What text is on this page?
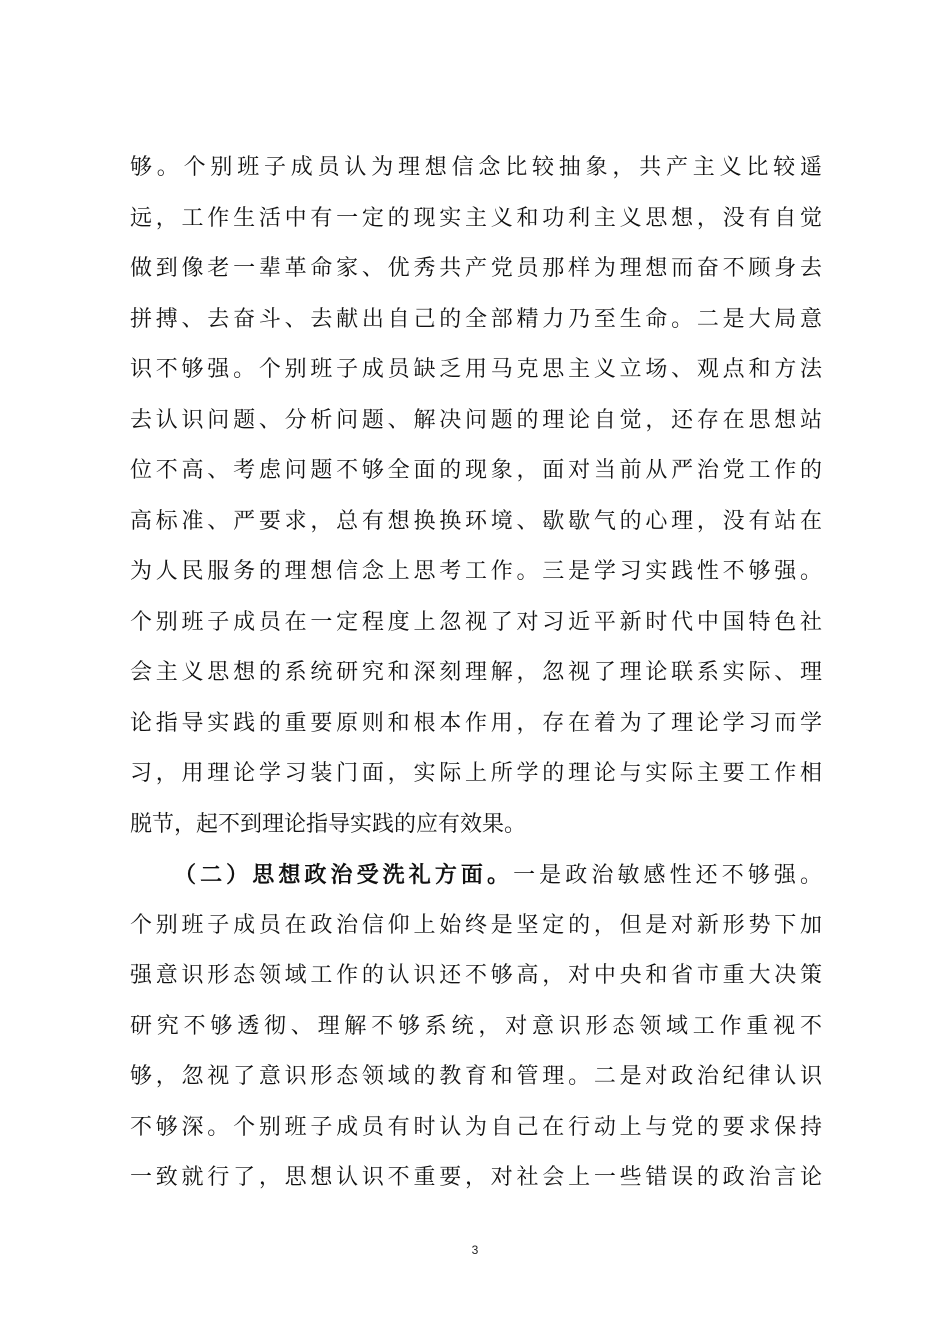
够。个别班子成员认为理想信念比较抽象，共产主义比较遥
远，工作生活中有一定的现实主义和功利主义思想，没有自觉
做到像老一辈革命家、优秀共产党员那样为理想而奋不顾身去
拼搏、去奋斗、去献出自己的全部精力乃至生命。二是大局意
识不够强。个别班子成员缺乏用马克思主义立场、观点和方法
去认识问题、分析问题、解决问题的理论自觉，还存在思想站
位不高、考虑问题不够全面的现象，面对当前从严治党工作的
高标准、严要求，总有想换换环境、歇歇气的心理，没有站在
为人民服务的理想信念上思考工作。三是学习实践性不够强。
个别班子成员在一定程度上忽视了对习近平新时代中国特色社
会主义思想的系统研究和深刻理解，忽视了理论联系实际、理
论指导实践的重要原则和根本作用，存在着为了理论学习而学
习，用理论学习装门面，实际上所学的理论与实际主要工作相
脱节，起不到理论指导实践的应有效果。
（二）思想政治受洗礼方面。一是政治敏感性还不够强。
个别班子成员在政治信仰上始终是坚定的，但是对新形势下加
强意识形态领域工作的认识还不够高，对中央和省市重大决策
研究不够透彻、理解不够系统，对意识形态领域工作重视不
够，忽视了意识形态领域的教育和管理。二是对政治纪律认识
不够深。个别班子成员有时认为自己在行动上与党的要求保持
一致就行了，思想认识不重要，对社会上一些错误的政治言论
3
